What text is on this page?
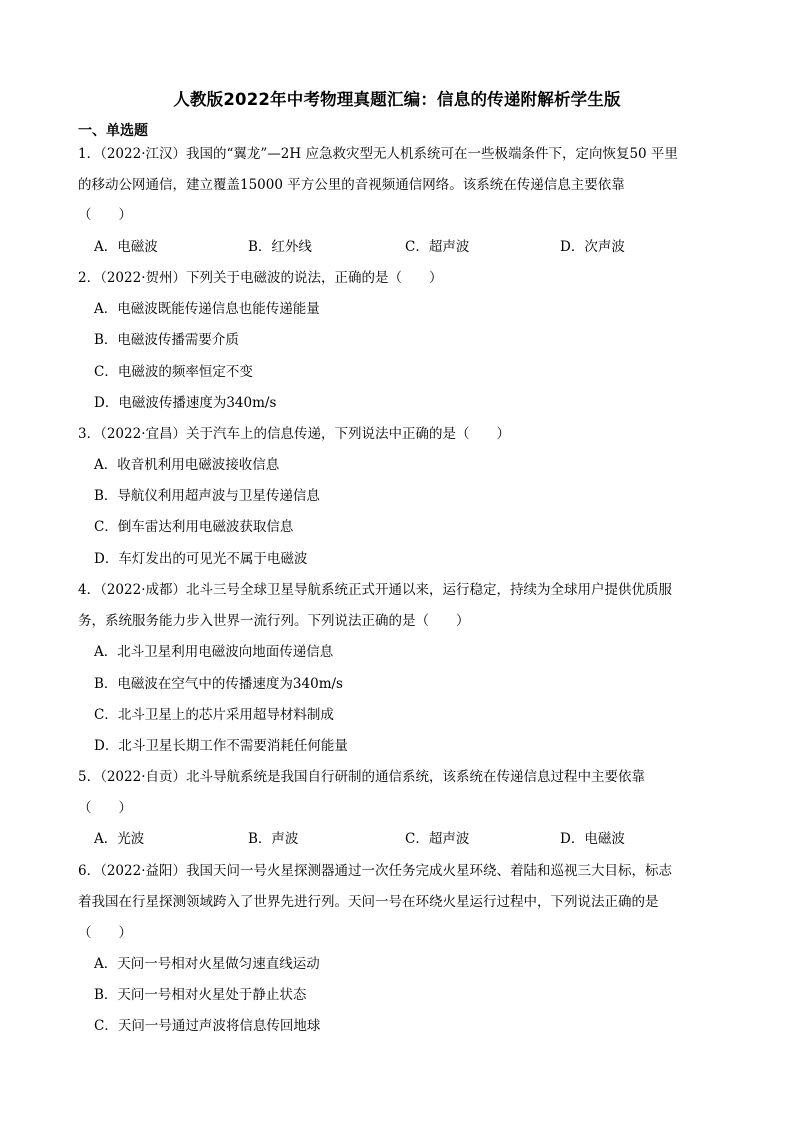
人教版2022年中考物理真题汇编：信息的传递附解析学生版
一、单选题
1．（2022·江汉）我国的“翼龙”—2H 应急救灾型无人机系统可在一些极端条件下，定向恢复50 平里
的移动公网通信，建立覆盖15000 平方公里的音视频通信网络。该系统在传递信息主要依靠
（　　）
A．电磁波	B．红外线	C．超声波	D．次声波
2．（2022·贺州）下列关于电磁波的说法，正确的是（　　）
A．电磁波既能传递信息也能传递能量
B．电磁波传播需要介质
C．电磁波的频率恒定不变
D．电磁波传播速度为340m/s
3．（2022·宜昌）关于汽车上的信息传递，下列说法中正确的是（　　）
A．收音机利用电磁波接收信息
B．导航仪利用超声波与卫星传递信息
C．倒车雷达利用电磁波获取信息
D．车灯发出的可见光不属于电磁波
4．（2022·成都）北斗三号全球卫星导航系统正式开通以来，运行稳定，持续为全球用户提供优质服
务，系统服务能力步入世界一流行列。下列说法正确的是（　　）
A．北斗卫星利用电磁波向地面传递信息
B．电磁波在空气中的传播速度为340m/s
C．北斗卫星上的芯片采用超导材料制成
D．北斗卫星长期工作不需要消耗任何能量
5．（2022·自贡）北斗导航系统是我国自行研制的通信系统，该系统在传递信息过程中主要依靠
（　　）
A．光波	B．声波	C．超声波	D．电磁波
6．（2022·益阳）我国天问一号火星探测器通过一次任务完成火星环绕、着陆和巡视三大目标，标志
着我国在行星探测领域跨入了世界先进行列。天问一号在环绕火星运行过程中，下列说法正确的是
（　　）
A．天问一号相对火星做匀速直线运动
B．天问一号相对火星处于静止状态
C．天问一号通过声波将信息传回地球
